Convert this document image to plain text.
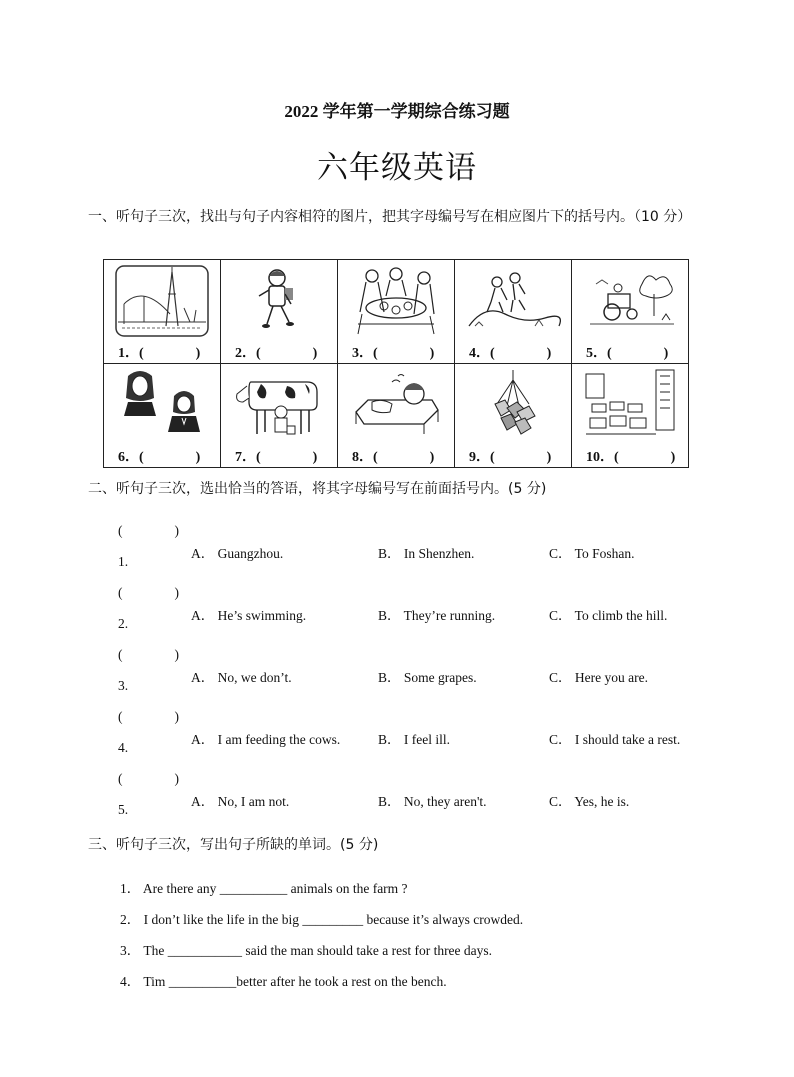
2022 学年第一学期综合练习题
六年级英语
一、听句子三次，找出与句子内容相符的图片，把其字母编号写在相应图片下的括号内。（10 分）
1．( )	2．( )	3．( )	4．( )	5．( )

6．( )	7．( )	8．( )	9．( )	10．( )
二、听句子三次，选出恰当的答语，将其字母编号写在前面括号内。(5 分)
(	)
1.
A． Guangzhou.	B． In Shenzhen.	C． To Foshan.
(	)
2.
A． He’s swimming.	B． They’re running.	C． To climb the hill.
(	)
3.
A． No, we don’t.	B． Some grapes.	C． Here you are.
(	)
4.
A． I am feeding the cows.	B． I feel ill.	C． I should take a rest.
(	)
5.
A． No, I am not.	B． No, they aren't.	C． Yes, he is.
三、听句子三次，写出句子所缺的单词。(5 分)
1． Are there any __________ animals on the farm ?
2． I don’t like the life in the big _________ because it’s always crowded.
3． The ___________ said the man should take a rest for three days.
4． Tim __________better after he took a rest on the bench.
